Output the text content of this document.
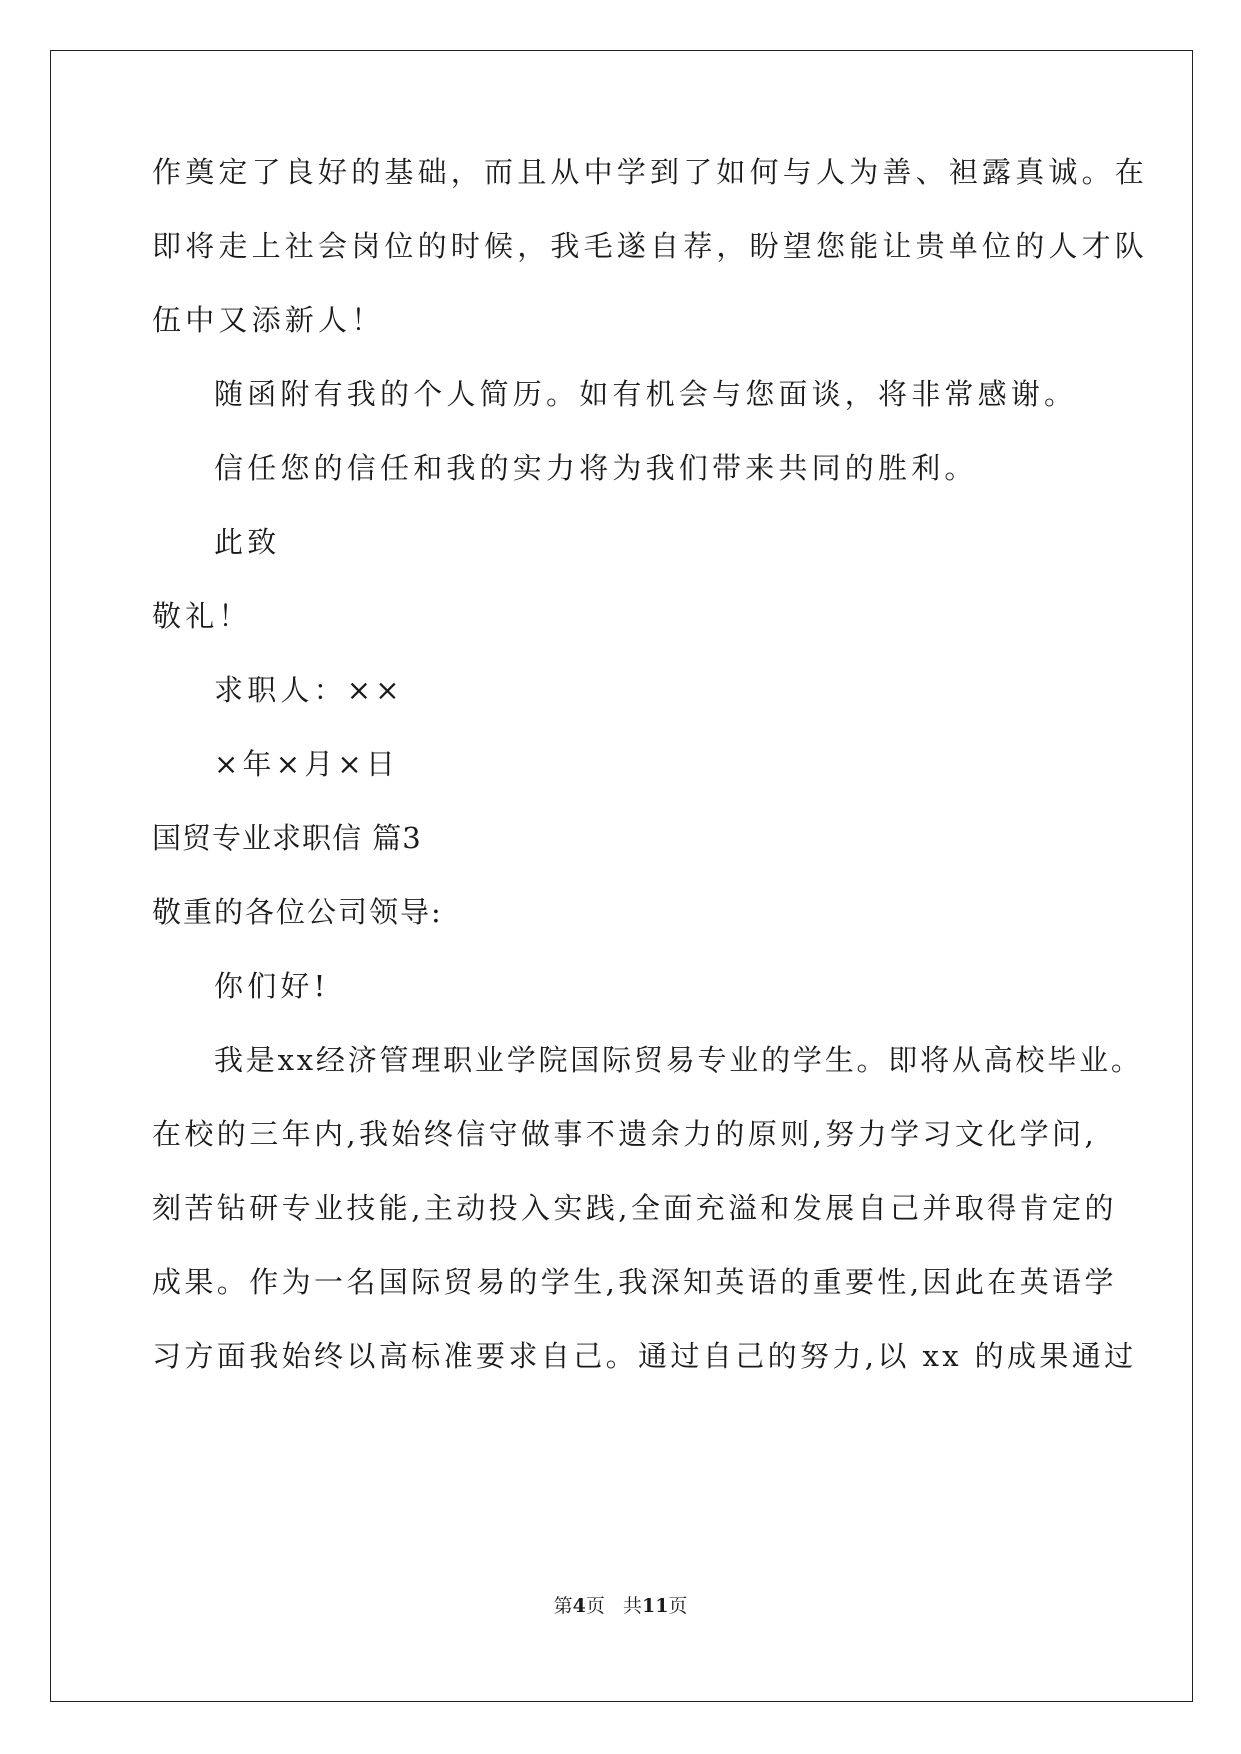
作奠定了良好的基础，而且从中学到了如何与人为善、袒露真诚。在
即将走上社会岗位的时候，我毛遂自荐，盼望您能让贵单位的人才队
伍中又添新人！
随函附有我的个人简历。如有机会与您面谈，将非常感谢。
信任您的信任和我的实力将为我们带来共同的胜利。
此致
敬礼！
求职人：××
×年×月×日
国贸专业求职信 篇3
敬重的各位公司领导:
你们好!
我是xx经济管理职业学院国际贸易专业的学生。即将从高校毕业。
在校的三年内,我始终信守做事不遗余力的原则,努力学习文化学问,
刻苦钻研专业技能,主动投入实践,全面充溢和发展自己并取得肯定的
成果。作为一名国际贸易的学生,我深知英语的重要性,因此在英语学
习方面我始终以高标准要求自己。通过自己的努力,以 xx 的成果通过
第4页 共11页
